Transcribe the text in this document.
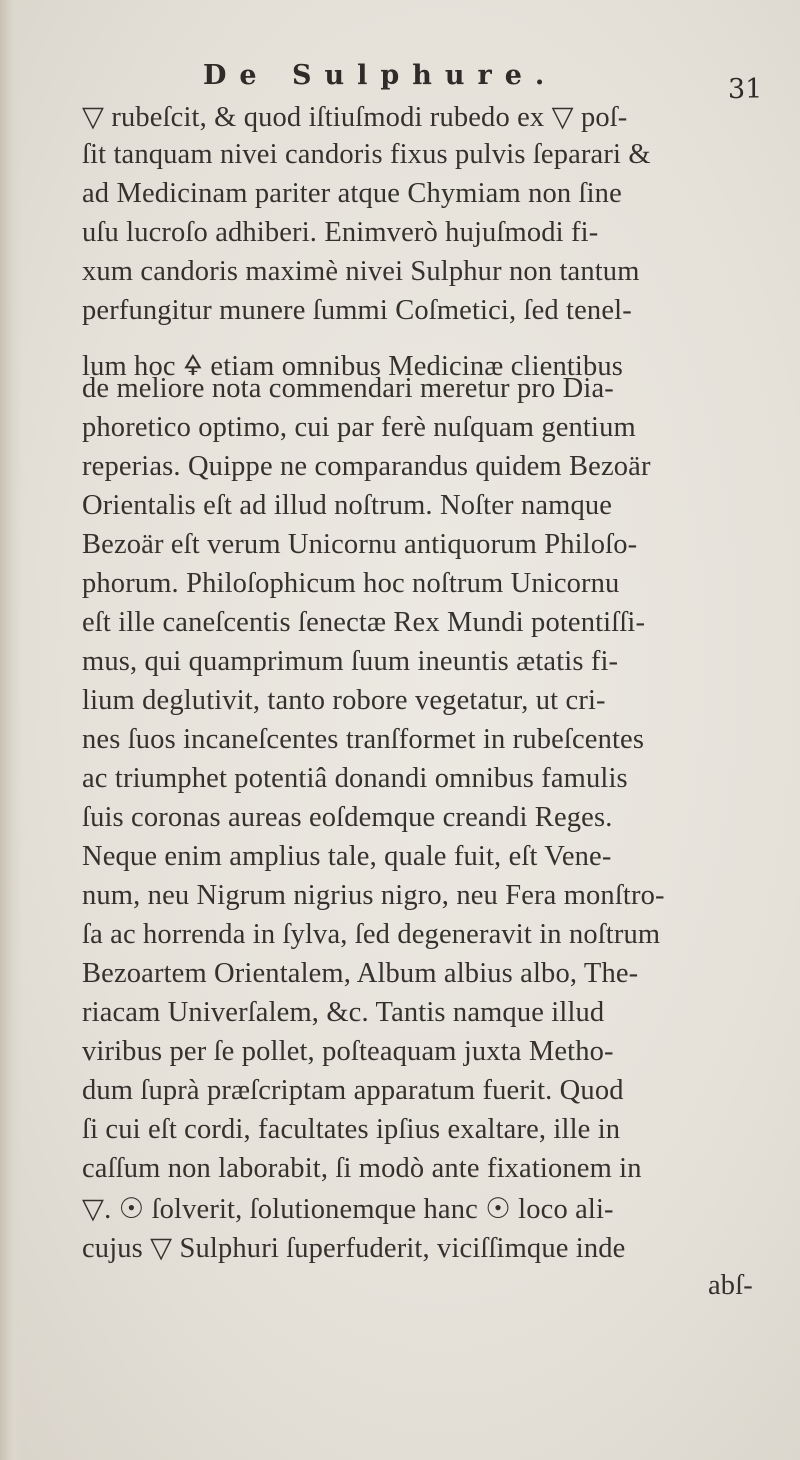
De Sulphure.	31
▽ rubeſcit, & quod iſtiuſmodi rubedo ex ▽ poſ-
ſit tanquam nivei candoris fixus pulvis ſeparari &
ad Medicinam pariter atque Chymiam non ſine
uſu lucroſo adhiberi. Enimverò hujuſmodi fi-
xum candoris maximè nivei Sulphur non tantum
perfungitur munere ſummi Coſmetici, ſed tenel-
lum hoc 🜍 etiam omnibus Medicinæ clientibus
de meliore nota commendari meretur pro Dia-
phoretico optimo, cui par ferè nuſquam gentium
reperias. Quippe ne comparandus quidem Bezoär
Orientalis eſt ad illud noſtrum. Noſter namque
Bezoär eſt verum Unicornu antiquorum Philoſo-
phorum. Philoſophicum hoc noſtrum Unicornu
eſt ille caneſcentis ſenectæ Rex Mundi potentiſſi-
mus, qui quamprimum ſuum ineuntis ætatis fi-
lium deglutivit, tanto robore vegetatur, ut cri-
nes ſuos incaneſcentes tranſformet in rubeſcentes
ac triumphet potentiâ donandi omnibus famulis
ſuis coronas aureas eoſdemque creandi Reges.
Neque enim amplius tale, quale fuit, eſt Vene-
num, neu Nigrum nigrius nigro, neu Fera monſtro-
ſa ac horrenda in ſylva, ſed degeneravit in noſtrum
Bezoartem Orientalem, Album albius albo, The-
riacam Univerſalem, &c. Tantis namque illud
viribus per ſe pollet, poſteaquam juxta Metho-
dum ſuprà præſcriptam apparatum fuerit. Quod
ſi cui eſt cordi, facultates ipſius exaltare, ille in
caſſum non laborabit, ſi modò ante fixationem in
▽. ☉ ſolverit, ſolutionemque hanc ☉ loco ali-
cujus ▽ Sulphuri ſuperfuderit, viciſſimque inde
abſ-
